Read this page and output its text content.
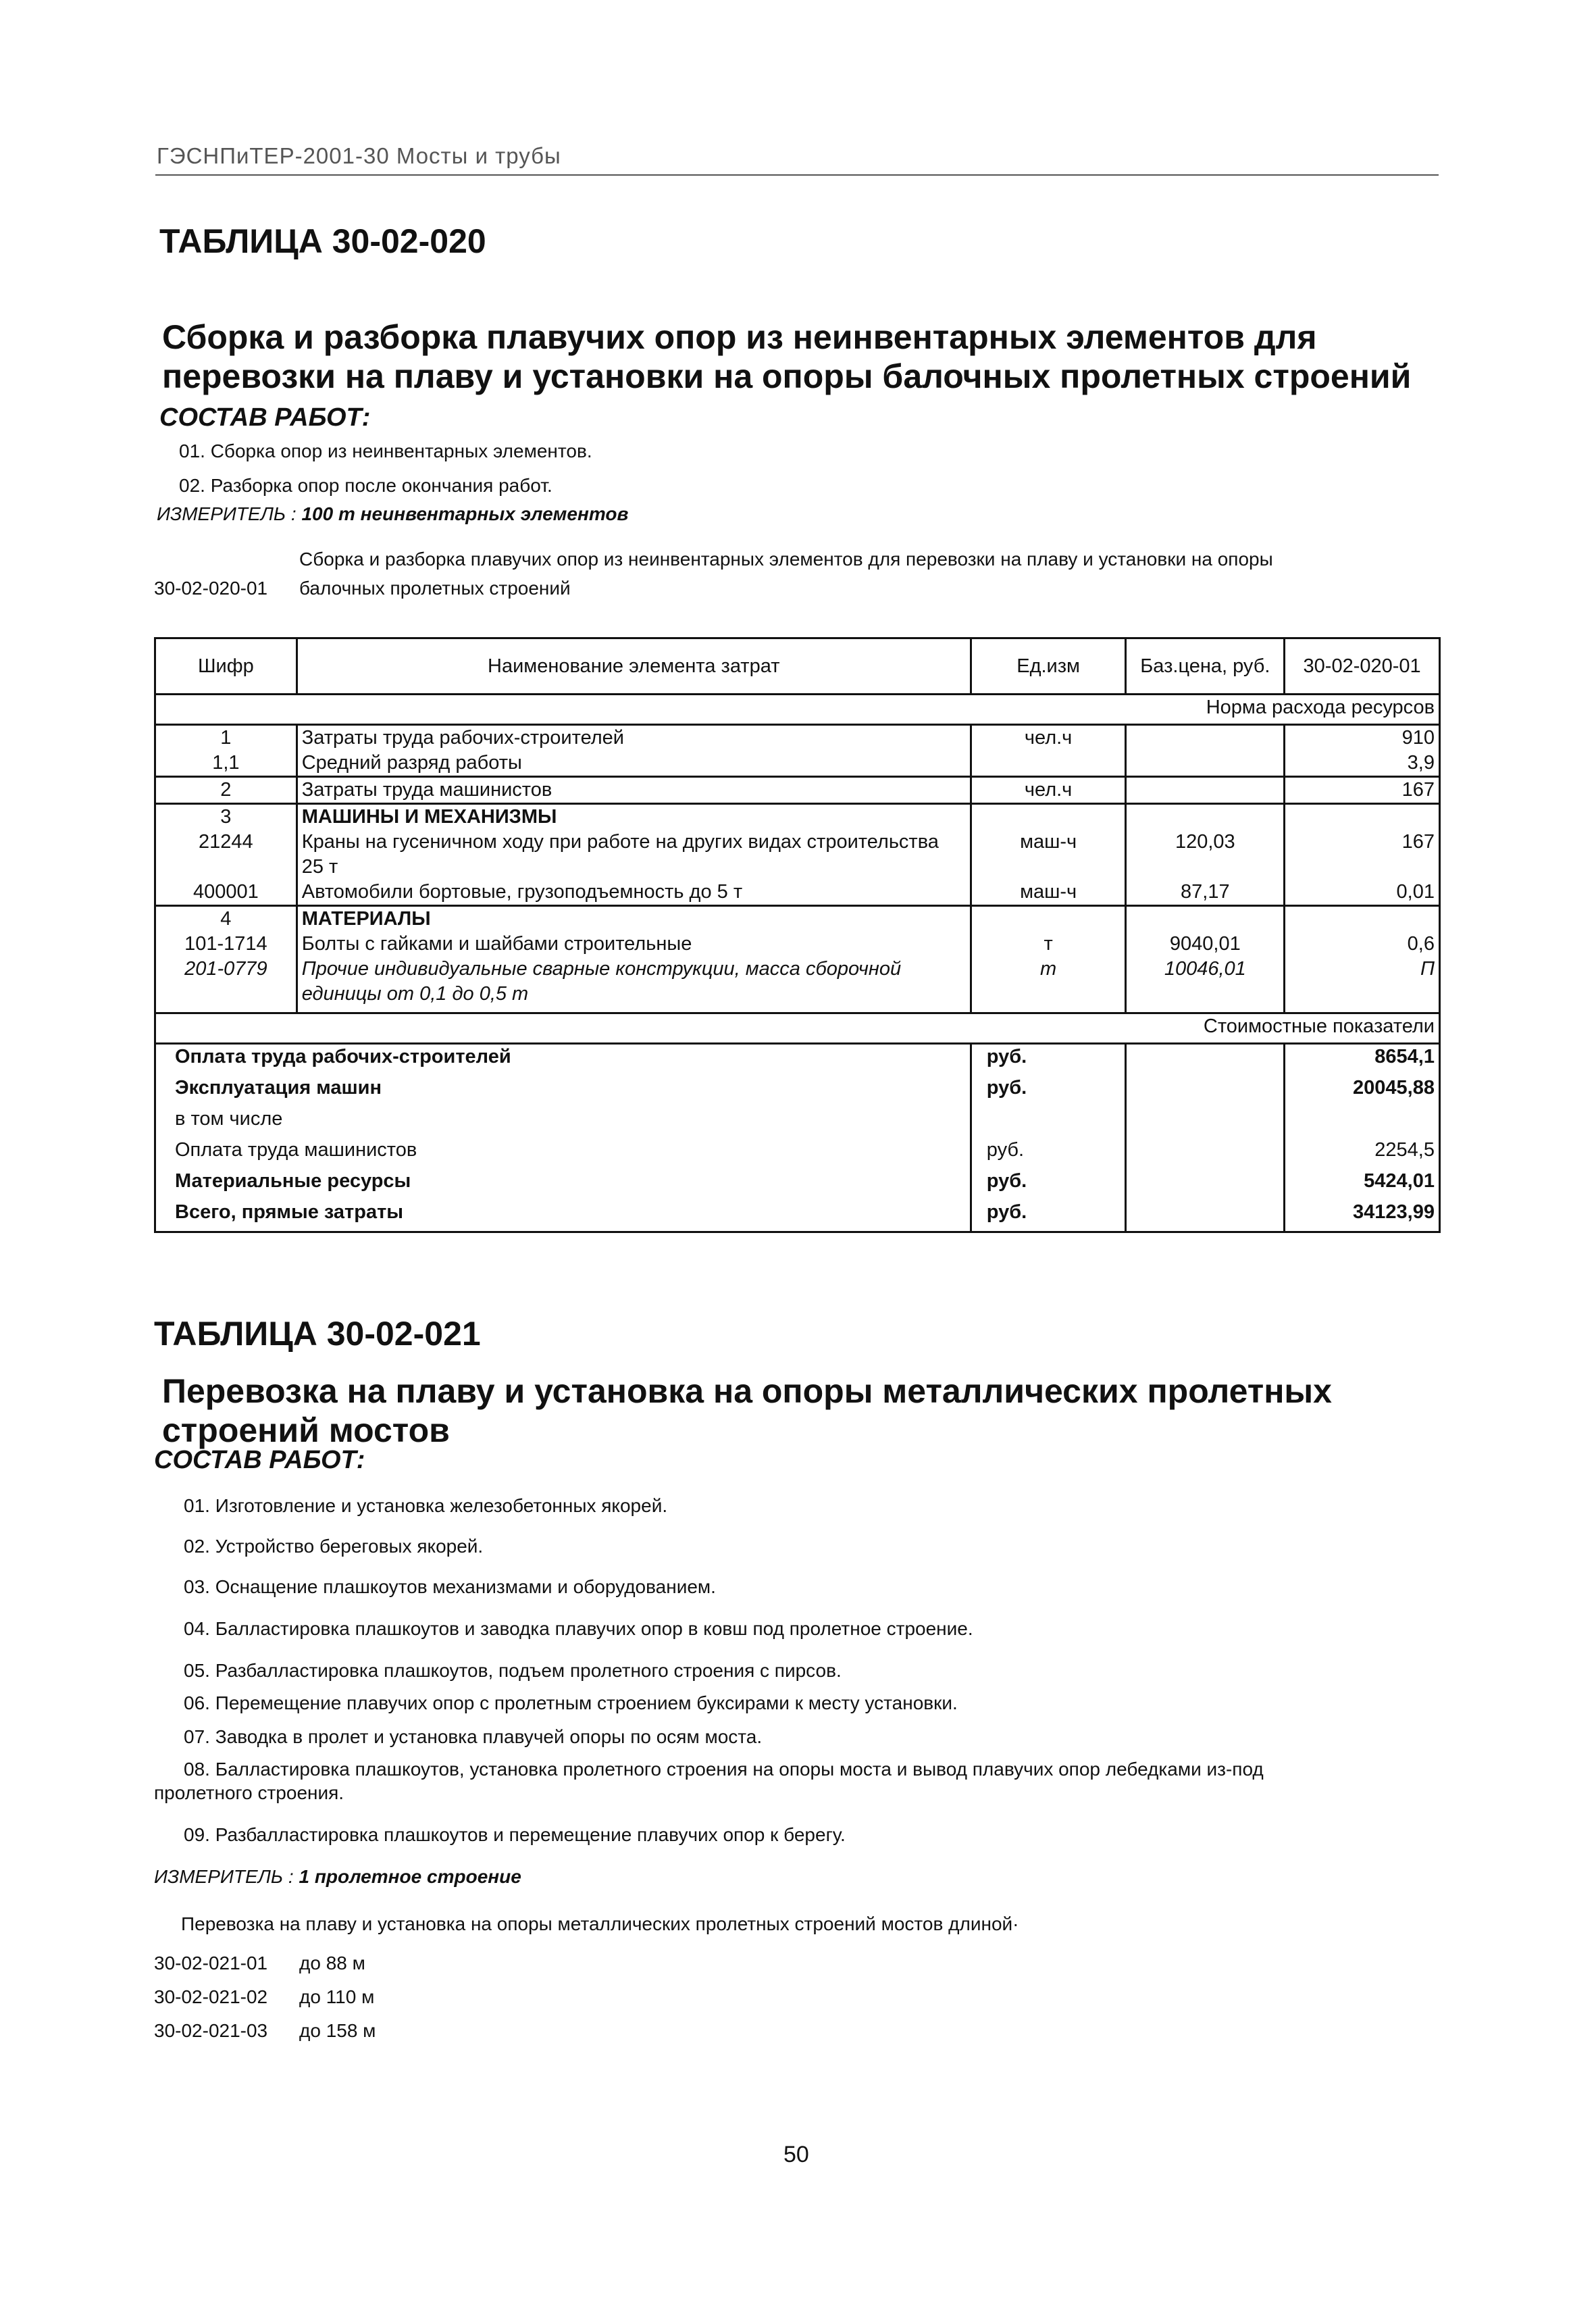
ГЭСНПиТЕР-2001-30 Мосты и трубы
ТАБЛИЦА 30-02-020
Сборка и разборка плавучих опор из неинвентарных элементов для перевозки на плаву и установки на опоры балочных пролетных строений
СОСТАВ РАБОТ:
01. Сборка опор из неинвентарных элементов.
02. Разборка опор после окончания работ.
ИЗМЕРИТЕЛЬ : 100 т неинвентарных элементов
Сборка и разборка плавучих опор из неинвентарных элементов для перевозки на плаву и установки на опоры
30-02-020-01 балочных пролетных строений
Шифр	Наименование элемента затрат	Ед.изм	Баз.цена, руб.	30-02-020-01
Норма расхода ресурсов				
1	Затраты труда рабочих-строителей	чел.ч		910
1,1	Средний разряд работы			3,9
2	Затраты труда машинистов	чел.ч		167
3	МАШИНЫ И МЕХАНИЗМЫ			
21244	Краны на гусеничном ходу при работе на других видах строительства 25 т	маш-ч	120,03	167
400001	Автомобили бортовые, грузоподъемность до 5 т	маш-ч	87,17	0,01
4	МАТЕРИАЛЫ			
101-1714	Болты с гайками и шайбами строительные	т	9040,01	0,6
201-0779	Прочие индивидуальные сварные конструкции, масса сборочной единицы от 0,1 до 0,5 т	т	10046,01	П
Стоимостные показатели				
Оплата труда рабочих-строителей		руб.		8654,1
Эксплуатация машин		руб.		20045,88
в том числе				
Оплата труда машинистов		руб.		2254,5
Материальные ресурсы		руб.		5424,01
Всего, прямые затраты		руб.		34123,99
ТАБЛИЦА 30-02-021
Перевозка на плаву и установка на опоры металлических пролетных строений мостов
СОСТАВ РАБОТ:
01. Изготовление и установка железобетонных якорей.
02. Устройство береговых якорей.
03. Оснащение плашкоутов механизмами и оборудованием.
04. Балластировка плашкоутов и заводка плавучих опор в ковш под пролетное строение.
05. Разбалластировка плашкоутов, подъем пролетного строения с пирсов.
06. Перемещение плавучих опор с пролетным строением буксирами к месту установки.
07. Заводка в пролет и установка плавучей опоры по осям моста.
08. Балластировка плашкоутов, установка пролетного строения на опоры моста и вывод плавучих опор лебедками из-под
пролетного строения.
09. Разбалластировка плашкоутов и перемещение плавучих опор к берегу.
ИЗМЕРИТЕЛЬ : 1 пролетное строение
Перевозка на плаву и установка на опоры металлических пролетных строений мостов длиной·
30-02-021-01 до 88 м
30-02-021-02 до 110 м
30-02-021-03 до 158 м
50
